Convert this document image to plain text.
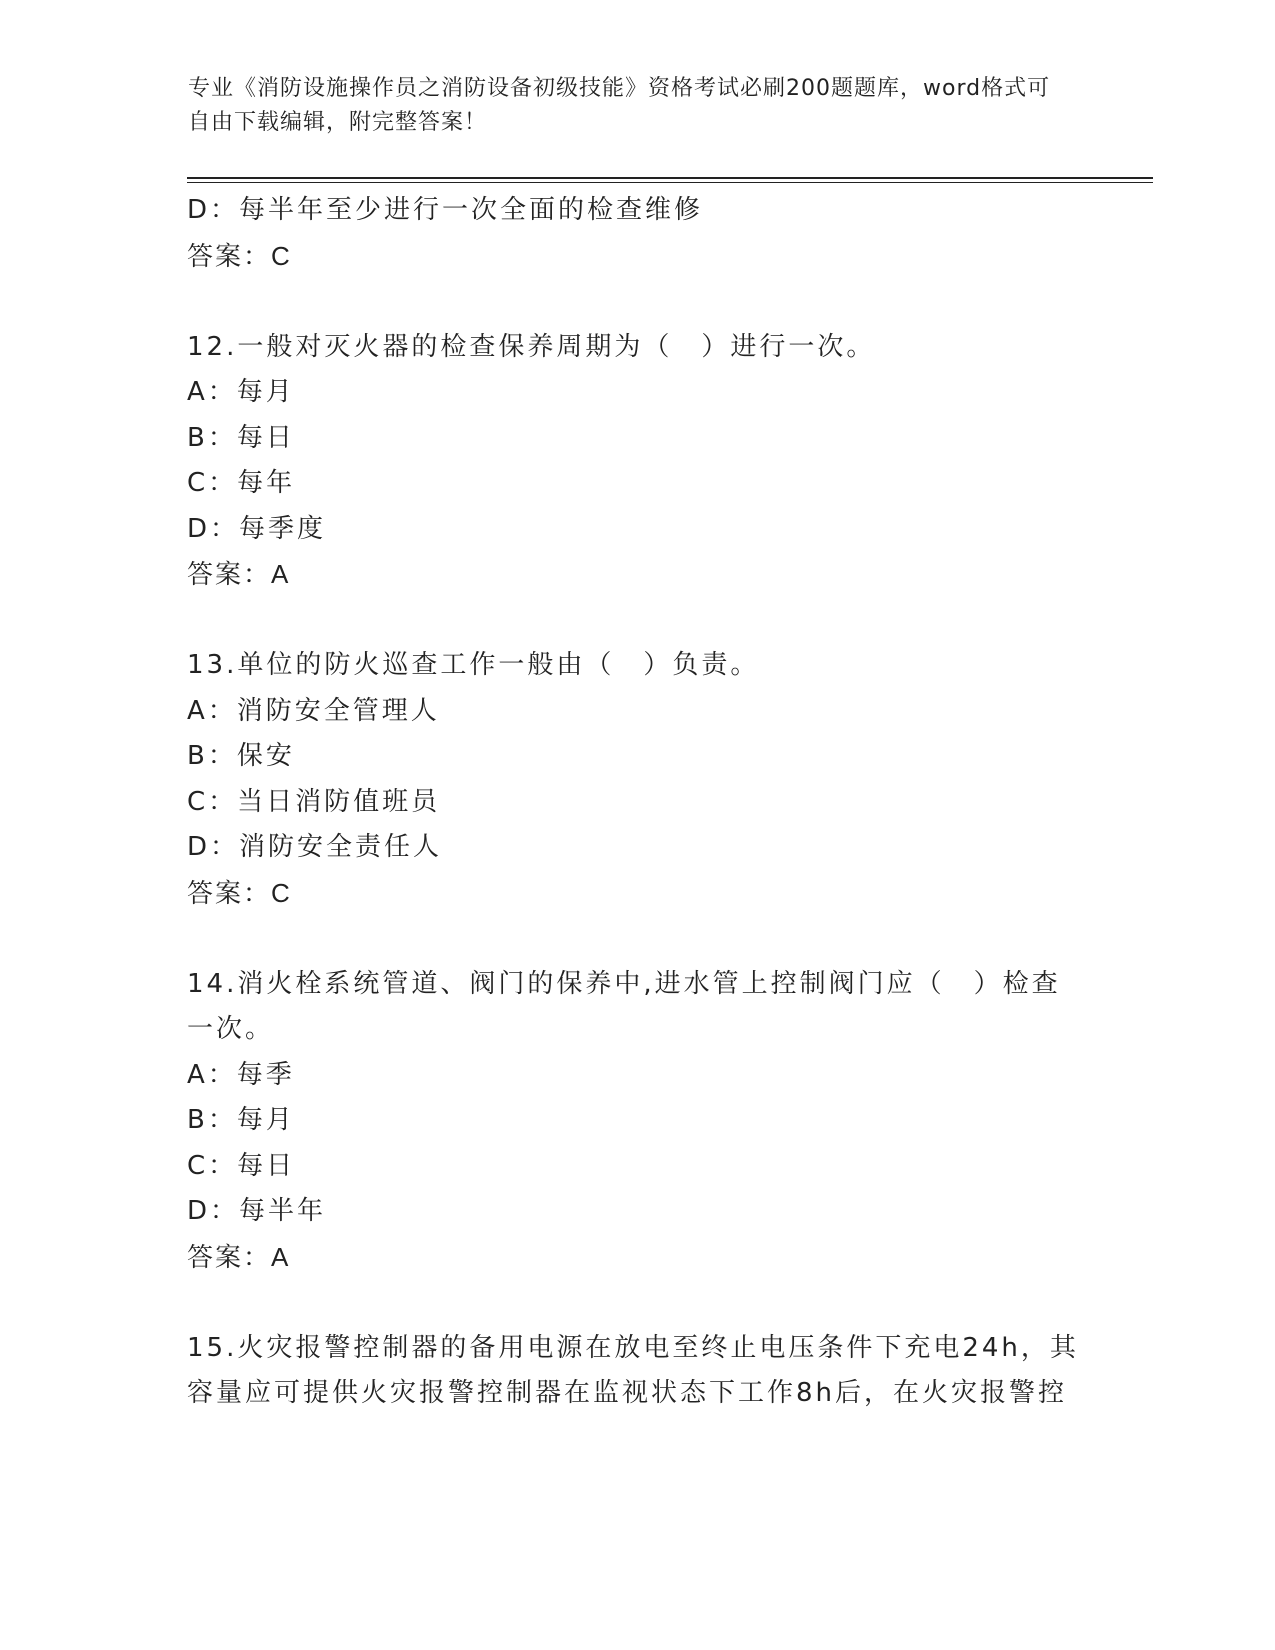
专业《消防设施操作员之消防设备初级技能》资格考试必刷200题题库，word格式可自由下载编辑，附完整答案！
D：每半年至少进行一次全面的检查维修
答案：C
12.一般对灭火器的检查保养周期为（　）进行一次。
A：每月
B：每日
C：每年
D：每季度
答案：A
13.单位的防火巡查工作一般由（　）负责。
A：消防安全管理人
B：保安
C：当日消防值班员
D：消防安全责任人
答案：C
14.消火栓系统管道、阀门的保养中,进水管上控制阀门应（　）检查
一次。
A：每季
B：每月
C：每日
D：每半年
答案：A
15.火灾报警控制器的备用电源在放电至终止电压条件下充电24h，其
容量应可提供火灾报警控制器在监视状态下工作8h后，在火灾报警控
